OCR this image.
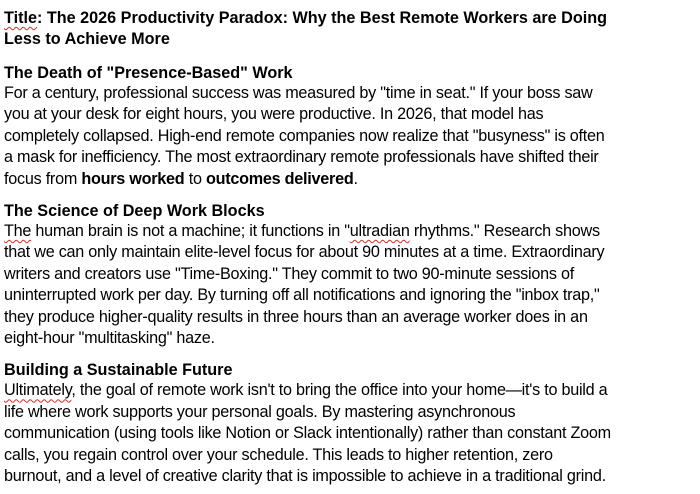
Title: The 2026 Productivity Paradox: Why the Best Remote Workers are Doing
Less to Achieve More
The Death of "Presence-Based" Work
For a century, professional success was measured by "time in seat." If your boss saw
you at your desk for eight hours, you were productive. In 2026, that model has
completely collapsed. High-end remote companies now realize that "busyness" is often
a mask for inefficiency. The most extraordinary remote professionals have shifted their
focus from hours worked to outcomes delivered.
The Science of Deep Work Blocks
The human brain is not a machine; it functions in "ultradian rhythms." Research shows
that we can only maintain elite-level focus for about 90 minutes at a time. Extraordinary
writers and creators use "Time-Boxing." They commit to two 90-minute sessions of
uninterrupted work per day. By turning off all notifications and ignoring the "inbox trap,"
they produce higher-quality results in three hours than an average worker does in an
eight-hour "multitasking" haze.
Building a Sustainable Future
Ultimately, the goal of remote work isn't to bring the office into your home—it's to build a
life where work supports your personal goals. By mastering asynchronous
communication (using tools like Notion or Slack intentionally) rather than constant Zoom
calls, you regain control over your schedule. This leads to higher retention, zero
burnout, and a level of creative clarity that is impossible to achieve in a traditional grind.
